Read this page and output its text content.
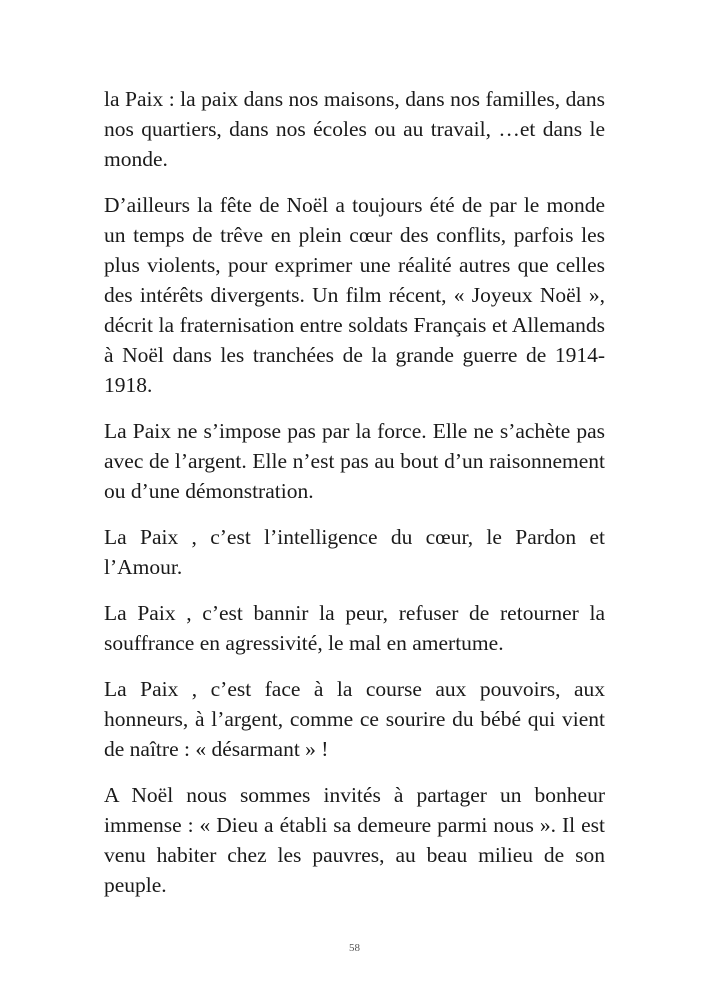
la Paix : la paix dans nos maisons, dans nos familles, dans nos quartiers, dans nos écoles ou au travail, …et dans le monde.

D’ailleurs la fête de Noël a toujours été de par le monde un temps de trêve en plein cœur des conflits, parfois les plus violents, pour exprimer une réalité autres que celles des intérêts divergents. Un film récent, « Joyeux Noël », décrit la fraternisation entre soldats Français et Allemands à Noël dans les tranchées de la grande guerre de 1914-1918.

La Paix ne s’impose pas par la force. Elle ne s’achète pas avec de l’argent. Elle n’est pas au bout d’un raisonnement ou d’une démonstration.

La Paix , c’est l’intelligence du cœur, le Pardon et l’Amour.

La Paix , c’est bannir la peur, refuser de retourner la souffrance en agressivité, le mal en amertume.

La Paix , c’est face à la course aux pouvoirs, aux honneurs, à l’argent, comme ce sourire du bébé qui vient de naître : « désarmant » !

A Noël nous sommes invités à partager un bonheur immense : « Dieu a établi sa demeure parmi nous ». Il est venu habiter chez les pauvres, au beau milieu de son peuple.

58
